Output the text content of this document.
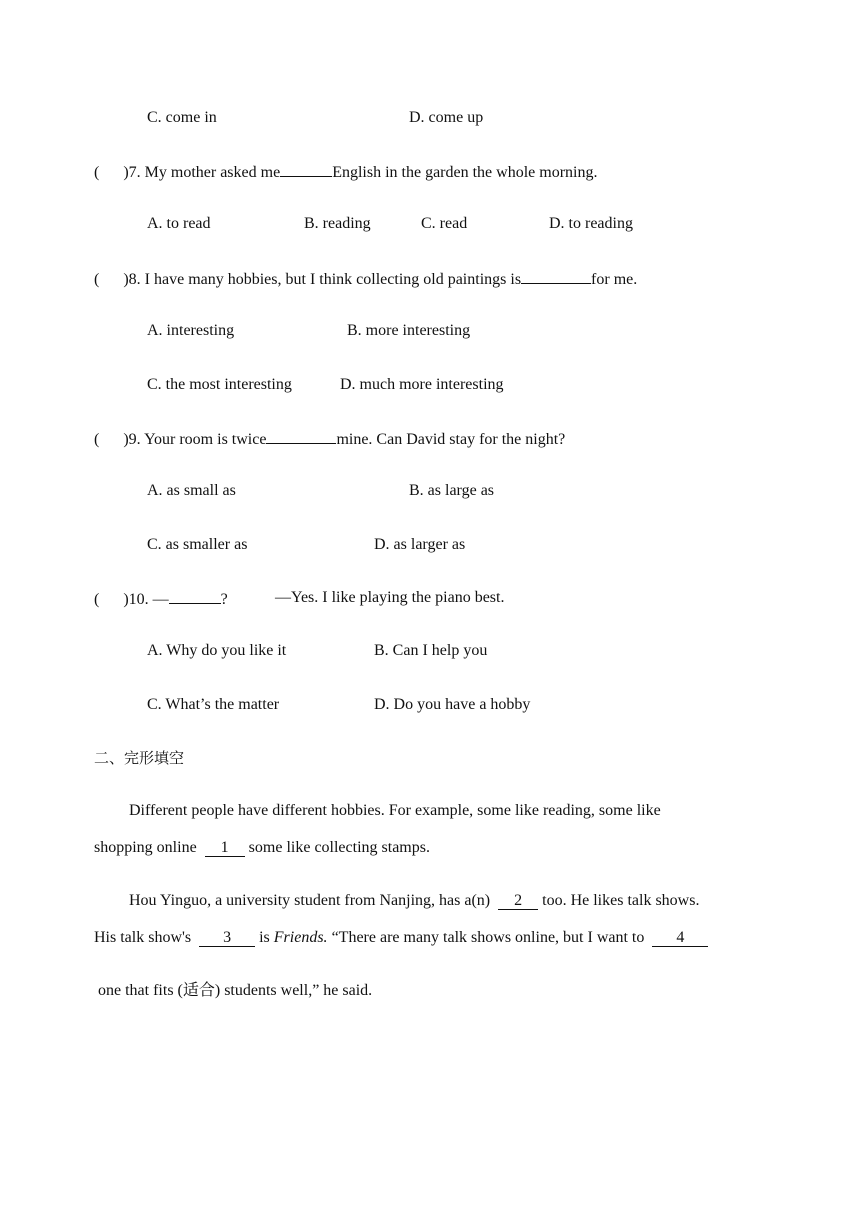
C. come in	D. come up
( )7. My mother asked me	English in the garden the whole morning.
A. to read	B. reading	C. read	D. to reading
( )8. I have many hobbies, but I think collecting old paintings is	for me.
A. interesting	B. more interesting
C. the most interesting	D. much more interesting
( )9. Your room is twice	mine. Can David stay for the night?
A. as small as	B. as large as
C. as smaller as	D. as larger as
( )10. —	?	—Yes. I like playing the piano best.
A. Why do you like it	B. Can I help you
C. What’s the matter	D. Do you have a hobby
二、完形填空
Different people have different hobbies. For example, some like reading, some like
shopping online 1 some like collecting stamps.
Hou Yinguo, a university student from Nanjing, has a(n) 2 too. He likes talk shows.
His talk show's 3 is Friends. “There are many talk shows online, but I want to 4
one that fits (适合) students well,” he said.
